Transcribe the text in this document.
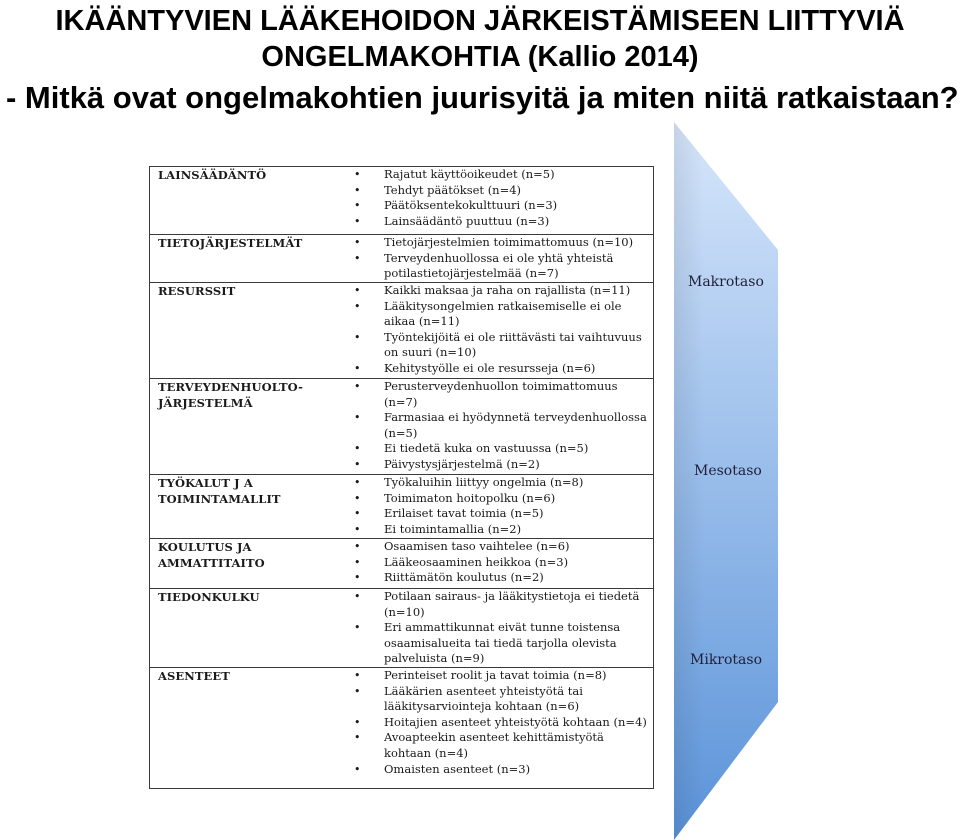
IKÄÄNTYVIEN LÄÄKEHOIDON JÄRKEISTÄMISEEN LIITTYVIÄ
ONGELMAKOHTIA (Kallio 2014)
- Mitkä ovat ongelmakohtien juurisyitä ja miten niitä ratkaistaan?
LAINSÄÄDÄNTÖ	• Rajatut käyttöoikeudet (n=5)
• Tehdyt päätökset (n=4)
• Päätöksentekokulttuuri (n=3)
• Lainsäädäntö puuttuu (n=3)
TIETOJÄRJESTELMÄT	• Tietojärjestelmien toimimattomuus (n=10)
• Terveydenhuollossa ei ole yhtä yhteistä potilastietojärjestelmää (n=7)
RESURSSIT	• Kaikki maksaa ja raha on rajallista (n=11)
• Lääkitysongelmien ratkaisemiselle ei ole aikaa (n=11)
• Työntekijöitä ei ole riittävästi tai vaihtuvuus on suuri (n=10)
• Kehitystyölle ei ole resursseja (n=6)
TERVEYDENHUOLTO-JÄRJESTELMÄ
• Perusterveydenhuollon toimimattomuus (n=7)
• Farmasiaa ei hyödynnetä terveydenhuollossa (n=5)
• Ei tiedetä kuka on vastuussa (n=5)
• Päivystysjärjestelmä (n=2)
TYÖKALUT J A TOIMINTAMALLIT
• Työkaluihin liittyy ongelmia (n=8)
• Toimimaton hoitopolku (n=6)
• Erilaiset tavat toimia (n=5)
• Ei toimintamallia (n=2)
KOULUTUS JA AMMATTITAITO
• Osaamisen taso vaihtelee (n=6)
• Lääkeosaaminen heikkoa (n=3)
• Riittämätön koulutus (n=2)
TIEDONKULKU	• Potilaan sairaus- ja lääkitystietoja ei tiedetä (n=10)
• Eri ammattikunnat eivät tunne toistensa osaamisalueita tai tiedä tarjolla olevista palveluista (n=9)
ASENTEET	• Perinteiset roolit ja tavat toimia (n=8)
• Lääkärien asenteet yhteistyötä tai lääkitysarviointeja kohtaan (n=6)
• Hoitajien asenteet yhteistyötä kohtaan (n=4)
• Avoapteekin asenteet kehittämistyötä kohtaan (n=4)
• Omaisten asenteet (n=3)
Makrotaso
Mesotaso
Mikrotaso
